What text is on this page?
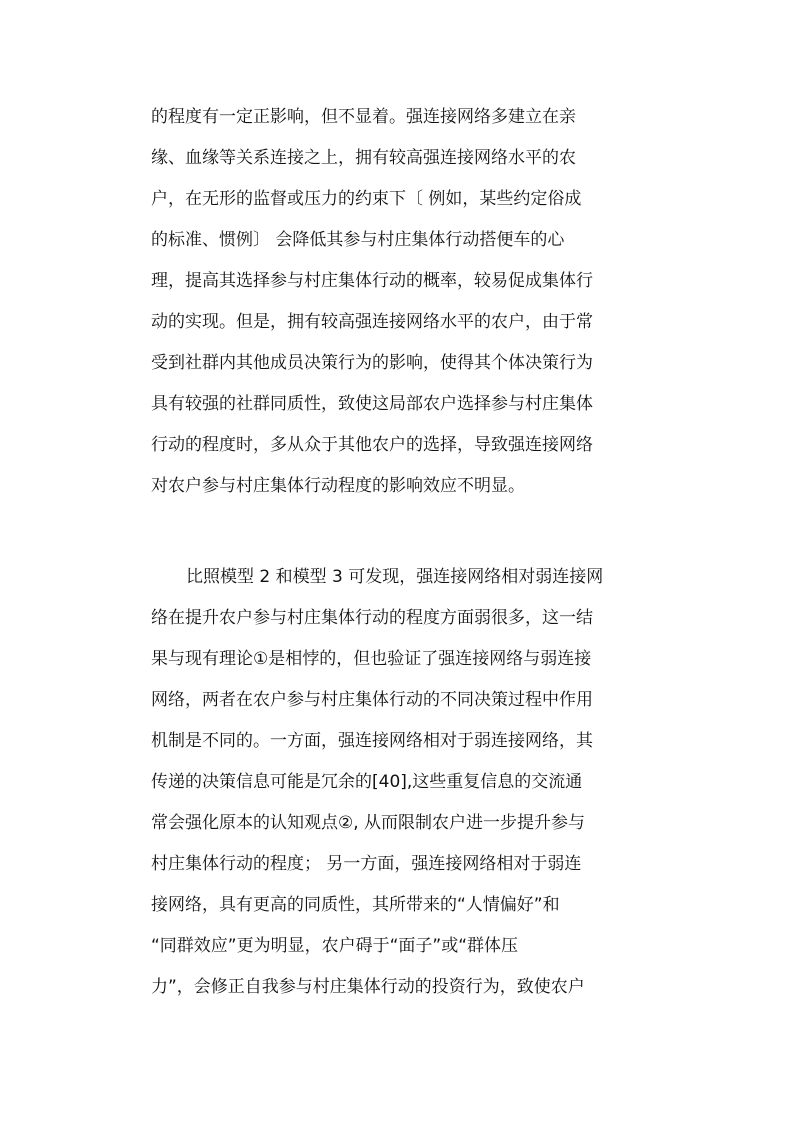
的程度有一定正影响，但不显着。强连接网络多建立在亲
缘、血缘等关系连接之上，拥有较高强连接网络水平的农
户，在无形的监督或压力的约束下〔 例如，某些约定俗成
的标准、惯例〕 会降低其参与村庄集体行动搭便车的心
理，提高其选择参与村庄集体行动的概率，较易促成集体行
动的实现。但是，拥有较高强连接网络水平的农户，由于常
受到社群内其他成员决策行为的影响，使得其个体决策行为
具有较强的社群同质性，致使这局部农户选择参与村庄集体
行动的程度时，多从众于其他农户的选择，导致强连接网络
对农户参与村庄集体行动程度的影响效应不明显。
比照模型 2 和模型 3 可发现，强连接网络相对弱连接网
络在提升农户参与村庄集体行动的程度方面弱很多，这一结
果与现有理论①是相悖的，但也验证了强连接网络与弱连接
网络，两者在农户参与村庄集体行动的不同决策过程中作用
机制是不同的。一方面，强连接网络相对于弱连接网络，其
传递的决策信息可能是冗余的[40],这些重复信息的交流通
常会强化原本的认知观点②, 从而限制农户进一步提升参与
村庄集体行动的程度； 另一方面，强连接网络相对于弱连
接网络，具有更高的同质性，其所带来的“人情偏好”和
“同群效应”更为明显，农户碍于“面子”或“群体压
力”，会修正自我参与村庄集体行动的投资行为，致使农户
